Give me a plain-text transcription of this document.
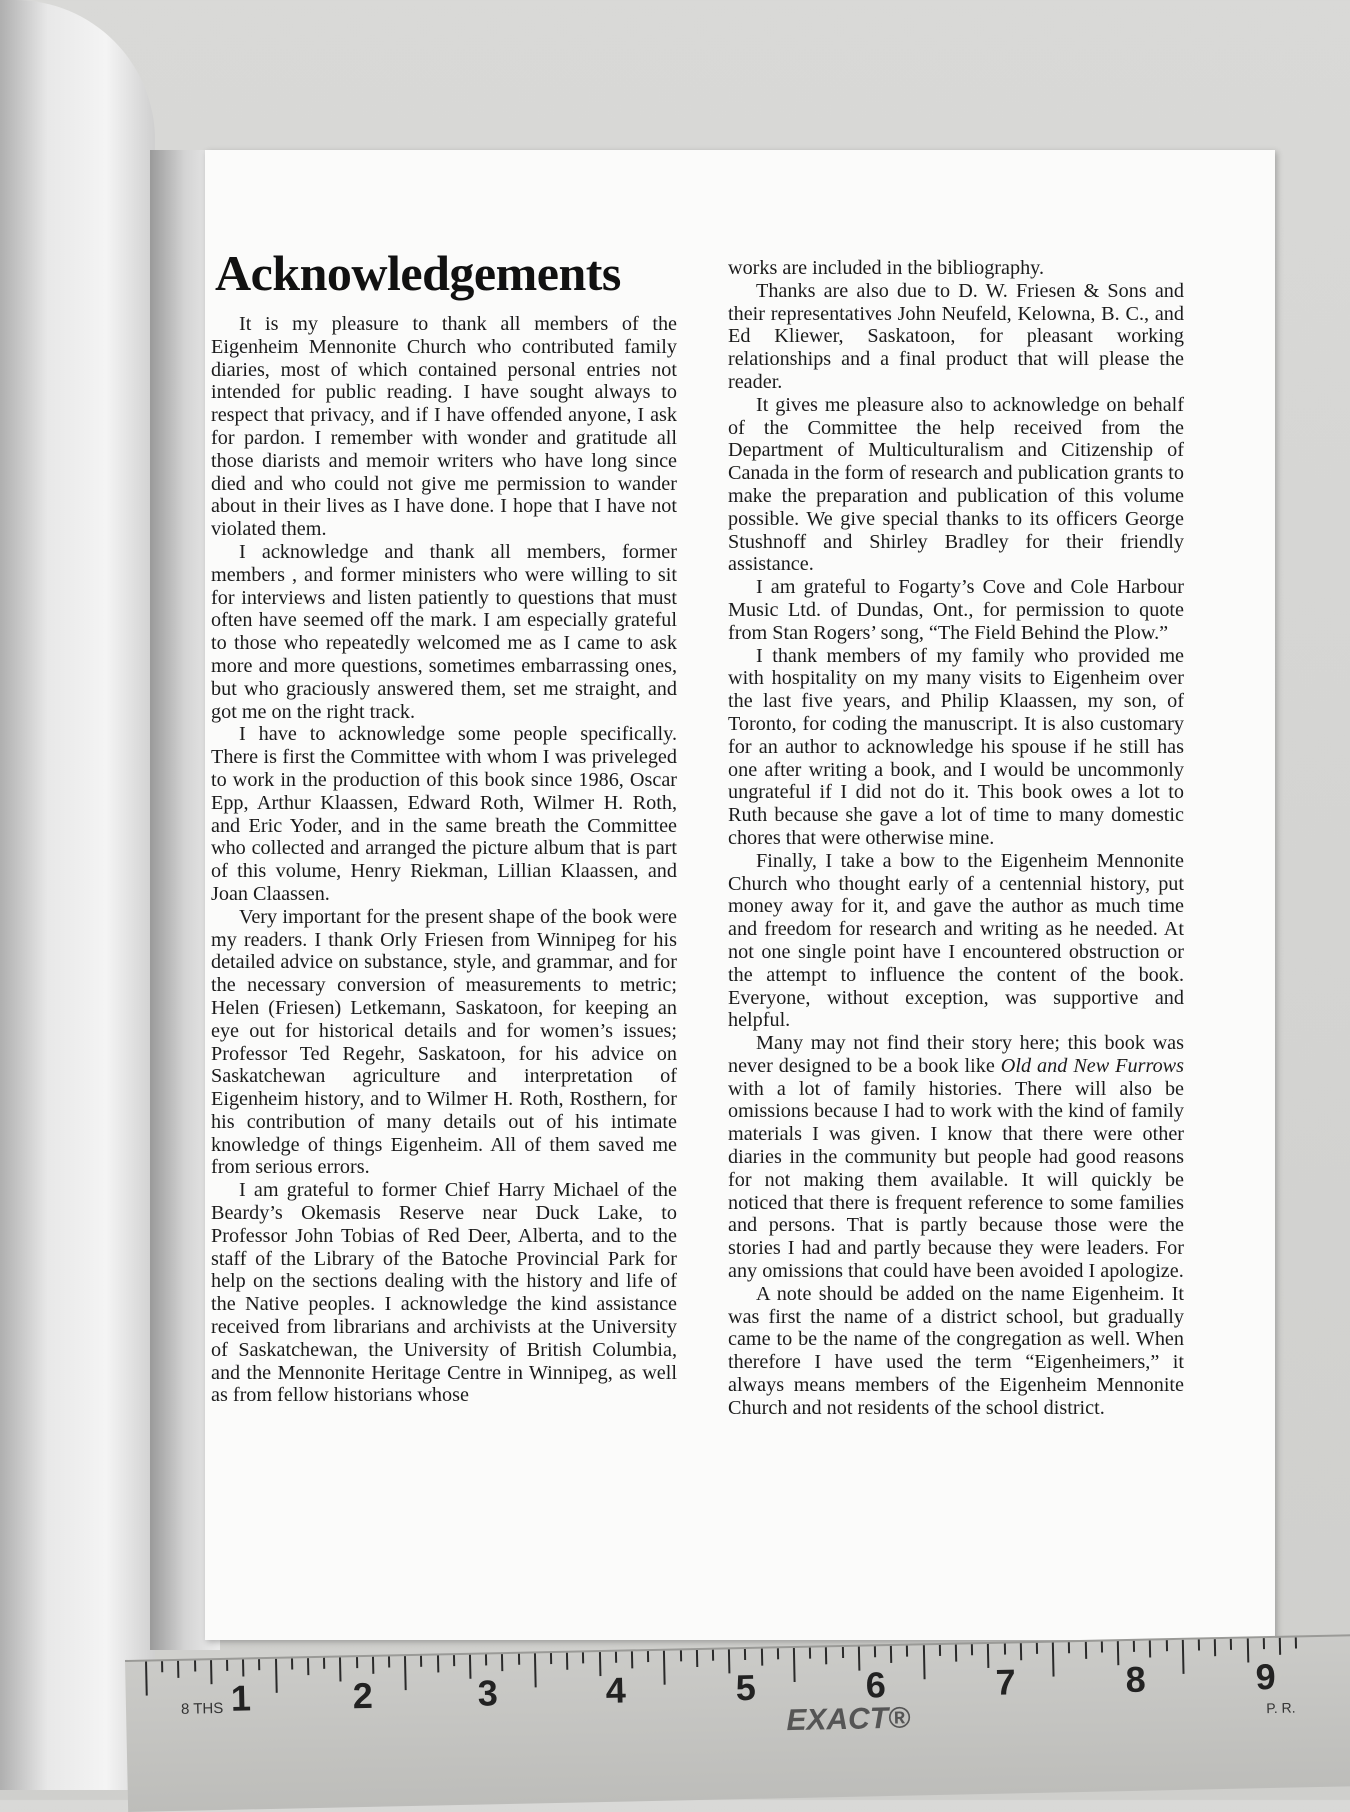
Acknowledgements

It is my pleasure to thank all members of the Eigenheim Mennonite Church who contributed family diaries, most of which contained personal entries not intended for public reading. I have sought always to respect that privacy, and if I have offended anyone, I ask for pardon. I remember with wonder and gratitude all those diarists and memoir writers who have long since died and who could not give me permission to wander about in their lives as I have done. I hope that I have not violated them.

I acknowledge and thank all members, former members , and former ministers who were willing to sit for interviews and listen patiently to questions that must often have seemed off the mark. I am especially grateful to those who repeatedly welcomed me as I came to ask more and more questions, sometimes embarrassing ones, but who graciously answered them, set me straight, and got me on the right track.

I have to acknowledge some people specifically. There is first the Committee with whom I was priveleged to work in the production of this book since 1986, Oscar Epp, Arthur Klaassen, Edward Roth, Wilmer H. Roth, and Eric Yoder, and in the same breath the Committee who collected and arranged the picture album that is part of this volume, Henry Riekman, Lillian Klaassen, and Joan Claassen.

Very important for the present shape of the book were my readers. I thank Orly Friesen from Winnipeg for his detailed advice on substance, style, and grammar, and for the necessary conversion of measurements to metric; Helen (Friesen) Letkemann, Saskatoon, for keeping an eye out for historical details and for women’s issues; Professor Ted Regehr, Saskatoon, for his advice on Saskatchewan agriculture and interpretation of Eigenheim history, and to Wilmer H. Roth, Rosthern, for his contribution of many details out of his intimate knowledge of things Eigenheim. All of them saved me from serious errors.

I am grateful to former Chief Harry Michael of the Beardy’s Okemasis Reserve near Duck Lake, to Professor John Tobias of Red Deer, Alberta, and to the staff of the Library of the Batoche Provincial Park for help on the sections dealing with the history and life of the Native peoples. I acknowledge the kind assistance received from librarians and archivists at the University of Saskatchewan, the University of British Columbia, and the Mennonite Heritage Centre in Winnipeg, as well as from fellow historians whose

works are included in the bibliography.

Thanks are also due to D. W. Friesen & Sons and their representatives John Neufeld, Kelowna, B. C., and Ed Kliewer, Saskatoon, for pleasant working relationships and a final product that will please the reader.

It gives me pleasure also to acknowledge on behalf of the Committee the help received from the Department of Multiculturalism and Citizenship of Canada in the form of research and publication grants to make the preparation and publication of this volume possible. We give special thanks to its officers George Stushnoff and Shirley Bradley for their friendly assistance.

I am grateful to Fogarty’s Cove and Cole Harbour Music Ltd. of Dundas, Ont., for permission to quote from Stan Rogers’ song, “The Field Behind the Plow.”

I thank members of my family who provided me with hospitality on my many visits to Eigenheim over the last five years, and Philip Klaassen, my son, of Toronto, for coding the manuscript. It is also customary for an author to acknowledge his spouse if he still has one after writing a book, and I would be uncommonly ungrateful if I did not do it. This book owes a lot to Ruth because she gave a lot of time to many domestic chores that were otherwise mine.

Finally, I take a bow to the Eigenheim Mennonite Church who thought early of a centennial history, put money away for it, and gave the author as much time and freedom for research and writing as he needed. At not one single point have I encountered obstruction or the attempt to influence the content of the book. Everyone, without exception, was supportive and helpful.

Many may not find their story here; this book was never designed to be a book like Old and New Furrows with a lot of family histories. There will also be omissions because I had to work with the kind of family materials I was given. I know that there were other diaries in the community but people had good reasons for not making them available. It will quickly be noticed that there is frequent reference to some families and persons. That is partly because those were the stories I had and partly because they were leaders. For any omissions that could have been avoided I apologize.

A note should be added on the name Eigenheim. It was first the name of a district school, but gradually came to be the name of the congregation as well. When therefore I have used the term “Eigenheimers,” it always means members of the Eigenheim Mennonite Church and not residents of the school district.

8 THS 1	2	3	4	5	6	7	8	9
EXACT®	P. R.
